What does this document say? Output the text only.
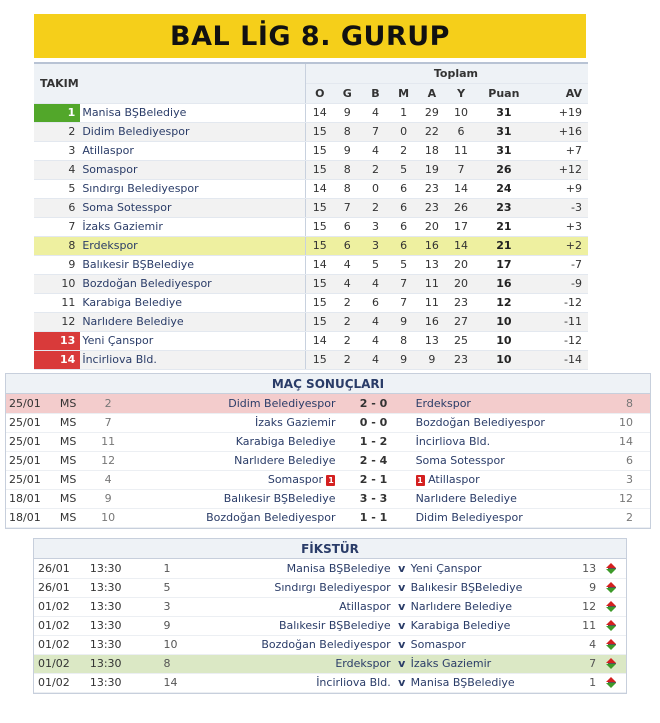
BAL LİG 8. GURUP
TAKIM		Toplam							
		O	G	B	M	A	Y	Puan	AV
1	Manisa BŞBelediye	14	9	4	1	29	10	31	+19
2	Didim Belediyespor	15	8	7	0	22	6	31	+16
3	Atillaspor	15	9	4	2	18	11	31	+7
4	Somaspor	15	8	2	5	19	7	26	+12
5	Sındırgı Belediyespor	14	8	0	6	23	14	24	+9
6	Soma Sotesspor	15	7	2	6	23	26	23	-3
7	İzaks Gaziemir	15	6	3	6	20	17	21	+3
8	Erdekspor	15	6	3	6	16	14	21	+2
9	Balıkesir BŞBelediye	14	4	5	5	13	20	17	-7
10	Bozdoğan Belediyespor	15	4	4	7	11	20	16	-9
11	Karabiga Belediye	15	2	6	7	11	23	12	-12
12	Narlıdere Belediye	15	2	4	9	16	27	10	-11
13	Yeni Çanspor	14	2	4	8	13	25	10	-12
14	İncirliova Bld.	15	2	4	9	9	23	10	-14
MAÇ SONUÇLARI
25/01	MS	2	Didim Belediyespor	2 - 0	Erdekspor	8
25/01	MS	7	İzaks Gaziemir	0 - 0	Bozdoğan Belediyespor	10
25/01	MS	11	Karabiga Belediye	1 - 2	İncirliova Bld.	14
25/01	MS	12	Narlıdere Belediye	2 - 4	Soma Sotesspor	6
25/01	MS	4	Somaspor 1	2 - 1	1 Atillaspor	3
18/01	MS	9	Balıkesir BŞBelediye	3 - 3	Narlıdere Belediye	12
18/01	MS	10	Bozdoğan Belediyespor	1 - 1	Didim Belediyespor	2
FİKSTÜR
26/01	13:30	1	Manisa BŞBelediye	v	Yeni Çanspor	13	

26/01	13:30	5	Sındırgı Belediyespor	v	Balıkesir BŞBelediye	9	

01/02	13:30	3	Atillaspor	v	Narlıdere Belediye	12	

01/02	13:30	9	Balıkesir BŞBelediye	v	Karabiga Belediye	11	

01/02	13:30	10	Bozdoğan Belediyespor	v	Somaspor	4	

01/02	13:30	8	Erdekspor	v	İzaks Gaziemir	7	

01/02	13:30	14	İncirliova Bld.	v	Manisa BŞBelediye	1	
